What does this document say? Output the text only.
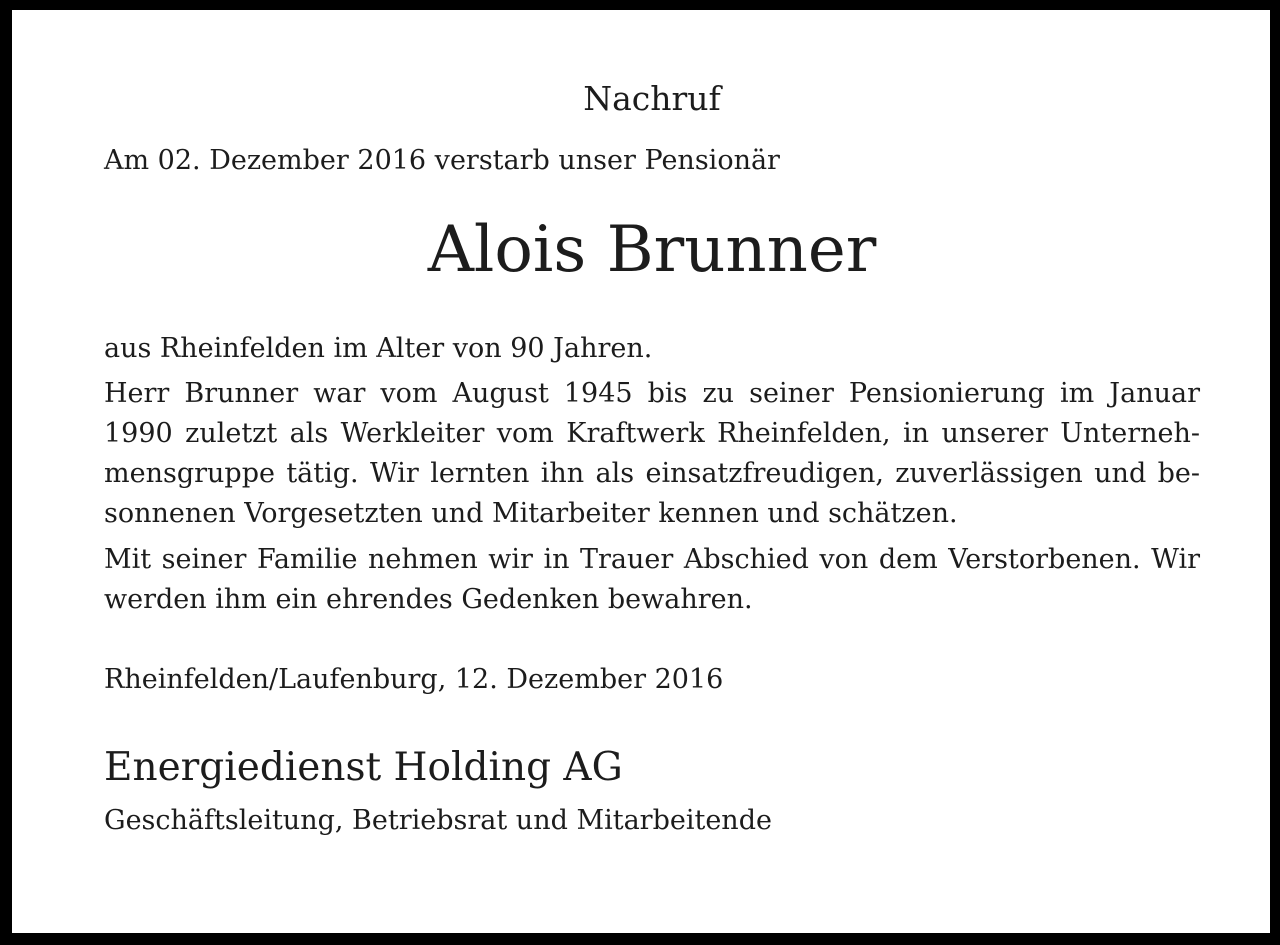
Nachruf
Am 02. Dezember 2016 verstarb unser Pensionär
Alois Brunner
aus Rheinfelden im Alter von 90 Jahren.
Herr Brunner war vom August 1945 bis zu seiner Pensionierung im Januar
1990 zuletzt als Werkleiter vom Kraftwerk Rheinfelden, in unserer Unterneh-
mensgruppe tätig. Wir lernten ihn als einsatzfreudigen, zuverlässigen und be-
sonnenen Vorgesetzten und Mitarbeiter kennen und schätzen.
Mit seiner Familie nehmen wir in Trauer Abschied von dem Verstorbenen. Wir
werden ihm ein ehrendes Gedenken bewahren.
Rheinfelden/Laufenburg, 12. Dezember 2016
Energiedienst Holding AG
Geschäftsleitung, Betriebsrat und Mitarbeitende
